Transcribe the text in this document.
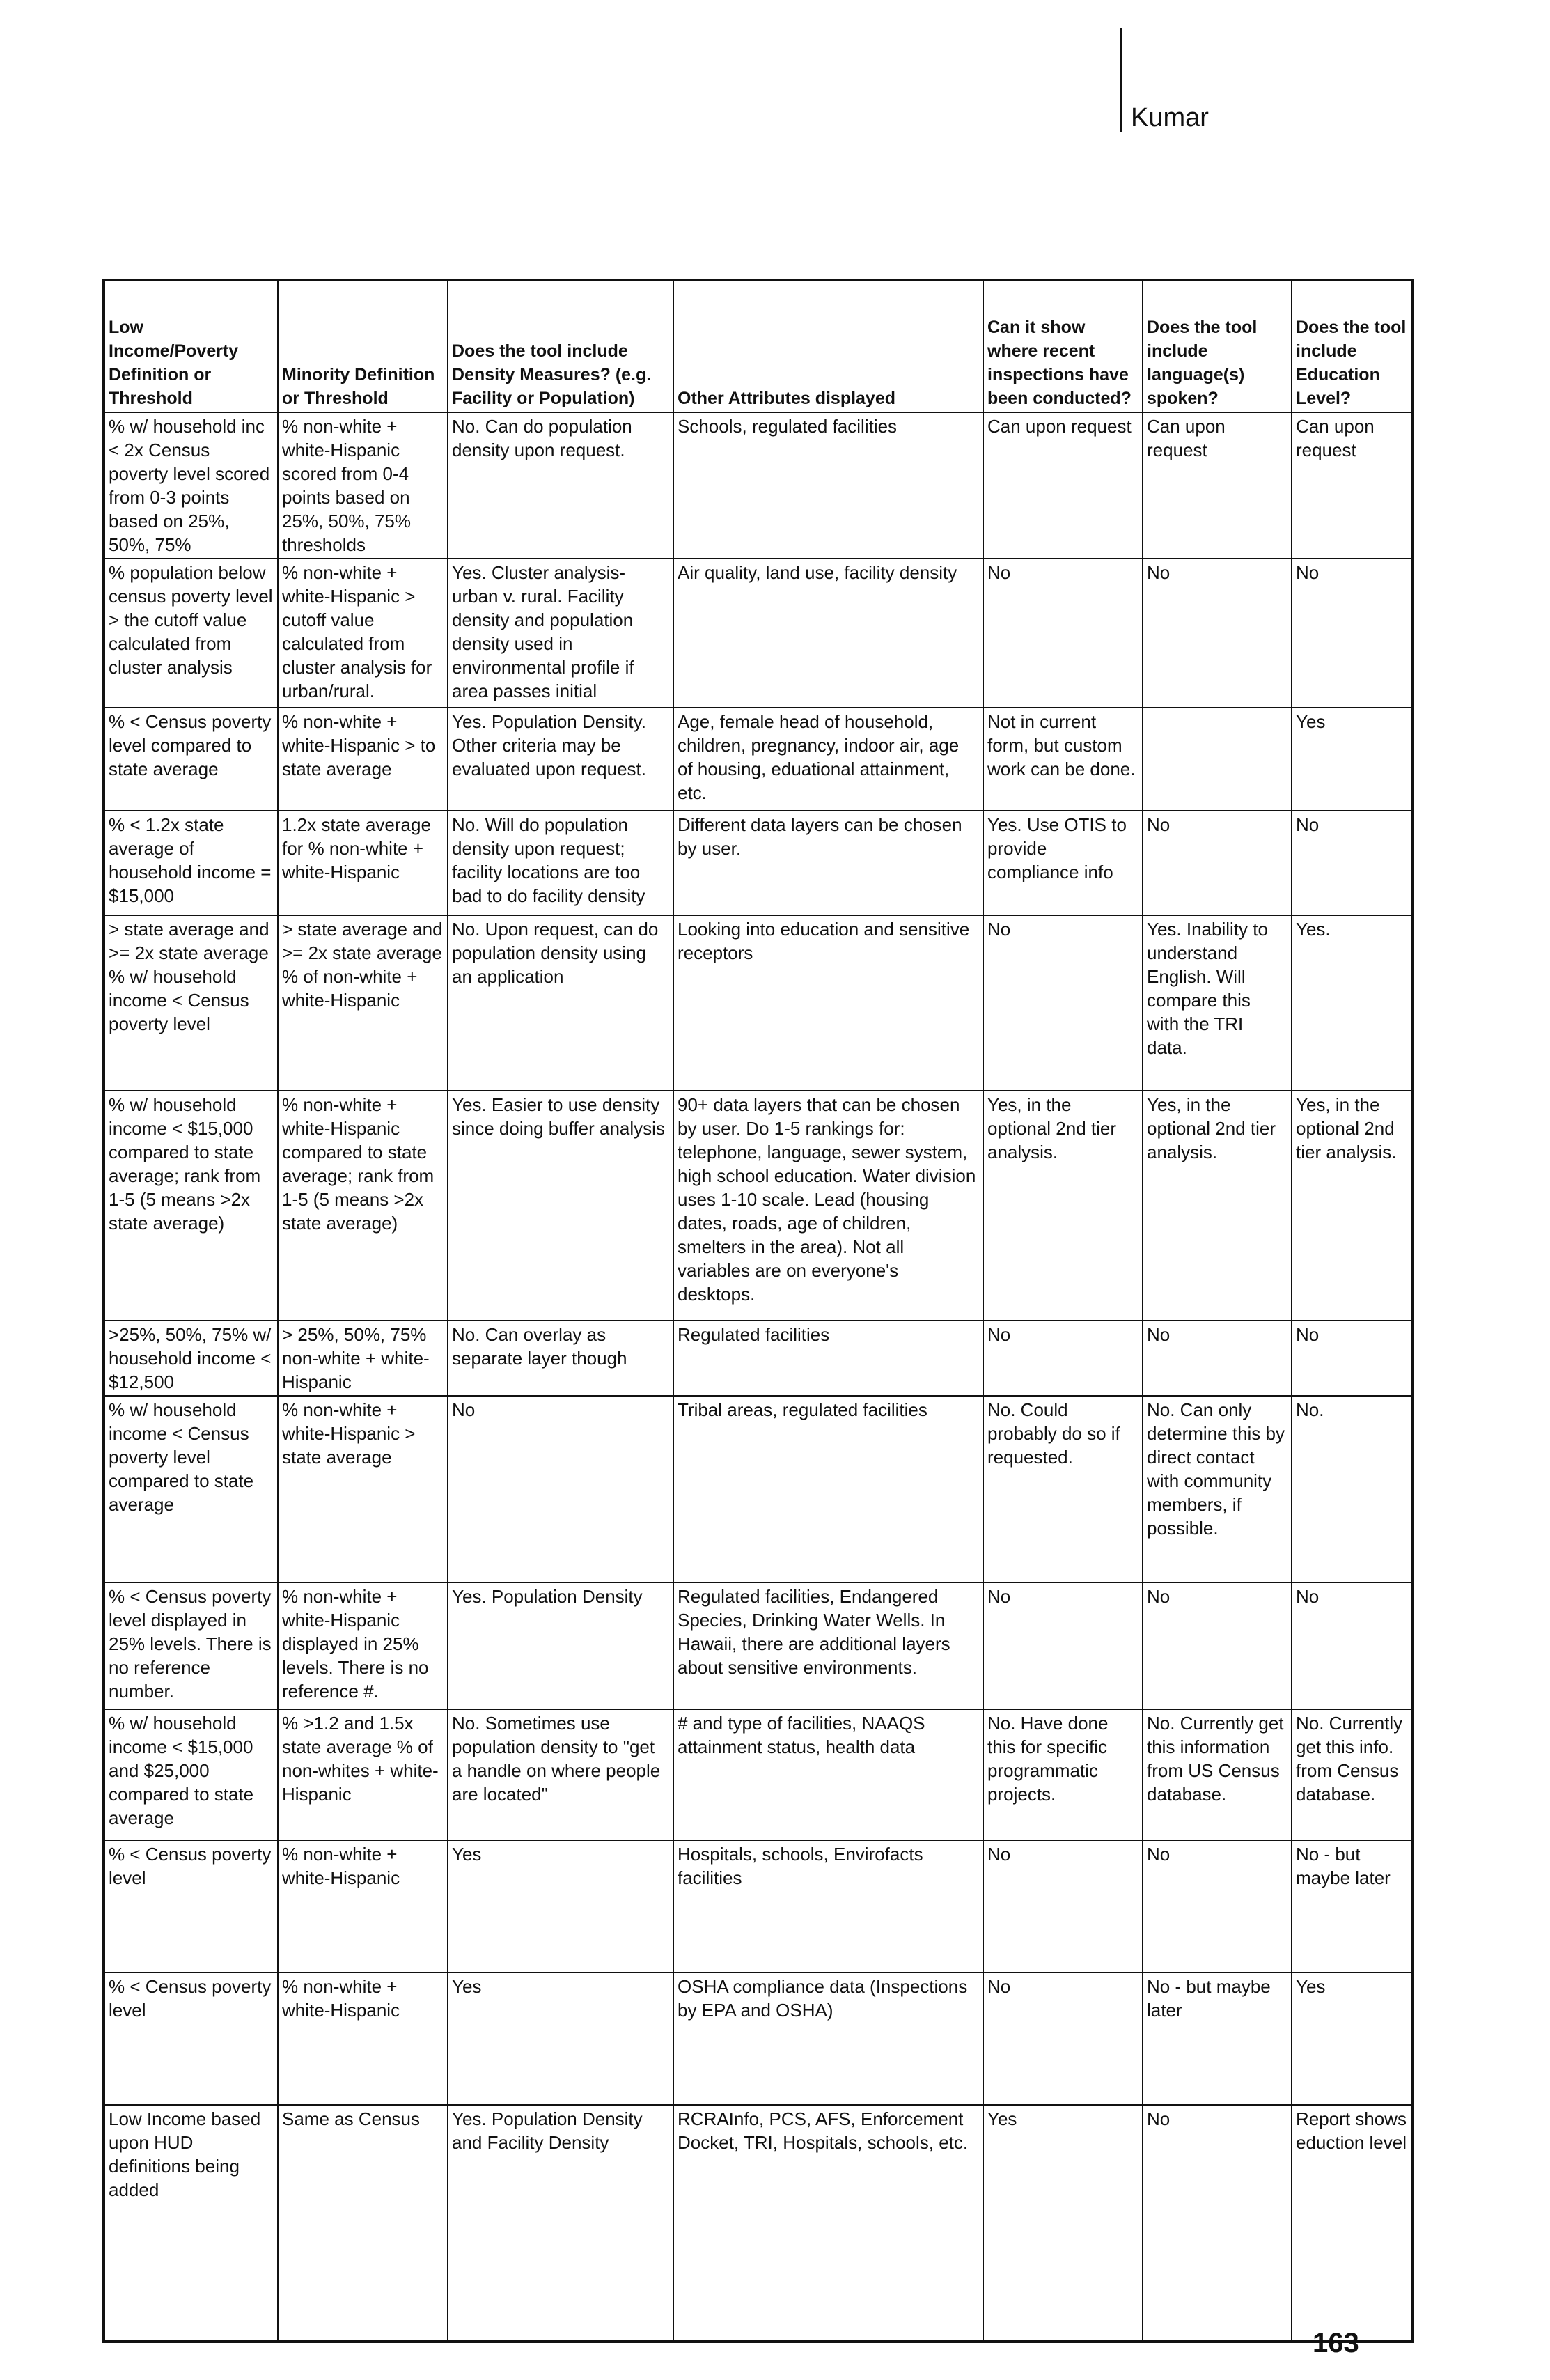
Kumar
Low Income/Poverty Definition or Threshold	Minority Definition or Threshold	Does the tool include Density Measures? (e.g. Facility or Population)	Other Attributes displayed	Can it show where recent inspections have been conducted?	Does the tool include language(s) spoken?	Does the tool include Education Level?
% w/ household inc < 2x Census poverty level scored from 0-3 points based on 25%, 50%, 75%	% non-white + white-Hispanic scored from 0-4 points based on 25%, 50%, 75% thresholds	No. Can do population density upon request.	Schools, regulated facilities	Can upon request	Can upon request	Can upon request
% population below census poverty level > the cutoff value calculated from cluster analysis	% non-white + white-Hispanic > cutoff value calculated from cluster analysis for urban/rural.	Yes. Cluster analysis-urban v. rural. Facility density and population density used in environmental profile if area passes initial	Air quality, land use, facility density	No	No	No
% < Census poverty level compared to state average	% non-white + white-Hispanic > to state average	Yes. Population Density. Other criteria may be evaluated upon request.	Age, female head of household, children, pregnancy, indoor air, age of housing, eduational attainment, etc.	Not in current form, but custom work can be done.		Yes
% < 1.2x state average of household income = $15,000	1.2x state average for % non-white + white-Hispanic	No. Will do population density upon request; facility locations are too bad to do facility density	Different data layers can be chosen by user.	Yes. Use OTIS to provide compliance info	No	No
> state average and >= 2x state average % w/ household income < Census poverty level	> state average and >= 2x state average % of non-white + white-Hispanic	No. Upon request, can do population density using an application	Looking into education and sensitive receptors	No	Yes. Inability to understand English. Will compare this with the TRI data.	Yes.
% w/ household income < $15,000 compared to state average; rank from 1-5 (5 means >2x state average)	% non-white + white-Hispanic compared to state average; rank from 1-5 (5 means >2x state average)	Yes. Easier to use density since doing buffer analysis	90+ data layers that can be chosen by user. Do 1-5 rankings for: telephone, language, sewer system, high school education. Water division uses 1-10 scale. Lead (housing dates, roads, age of children, smelters in the area). Not all variables are on everyone's desktops.	Yes, in the optional 2nd tier analysis.	Yes, in the optional 2nd tier analysis.	Yes, in the optional 2nd tier analysis.
>25%, 50%, 75% w/ household income < $12,500	> 25%, 50%, 75% non-white + white-Hispanic	No. Can overlay as separate layer though	Regulated facilities	No	No	No
% w/ household income < Census poverty level compared to state average	% non-white + white-Hispanic > state average	No	Tribal areas, regulated facilities	No. Could probably do so if requested.	No. Can only determine this by direct contact with community members, if possible.	No.
% < Census poverty level displayed in 25% levels. There is no reference number.	% non-white + white-Hispanic displayed in 25% levels. There is no reference #.	Yes. Population Density	Regulated facilities, Endangered Species, Drinking Water Wells. In Hawaii, there are additional layers about sensitive environments.	No	No	No
% w/ household income < $15,000 and $25,000 compared to state average	% >1.2 and 1.5x state average % of non-whites + white-Hispanic	No. Sometimes use population density to "get a handle on where people are located"	# and type of facilities, NAAQS attainment status, health data	No. Have done this for specific programmatic projects.	No. Currently get this information from US Census database.	No. Currently get this info. from Census database.
% < Census poverty level	% non-white + white-Hispanic	Yes	Hospitals, schools, Envirofacts facilities	No	No	No - but maybe later
% < Census poverty level	% non-white + white-Hispanic	Yes	OSHA compliance data (Inspections by EPA and OSHA)	No	No - but maybe later	Yes
Low Income based upon HUD definitions being added	Same as Census	Yes. Population Density and Facility Density	RCRAInfo, PCS, AFS, Enforcement Docket, TRI, Hospitals, schools, etc.	Yes	No	Report shows eduction level
163
